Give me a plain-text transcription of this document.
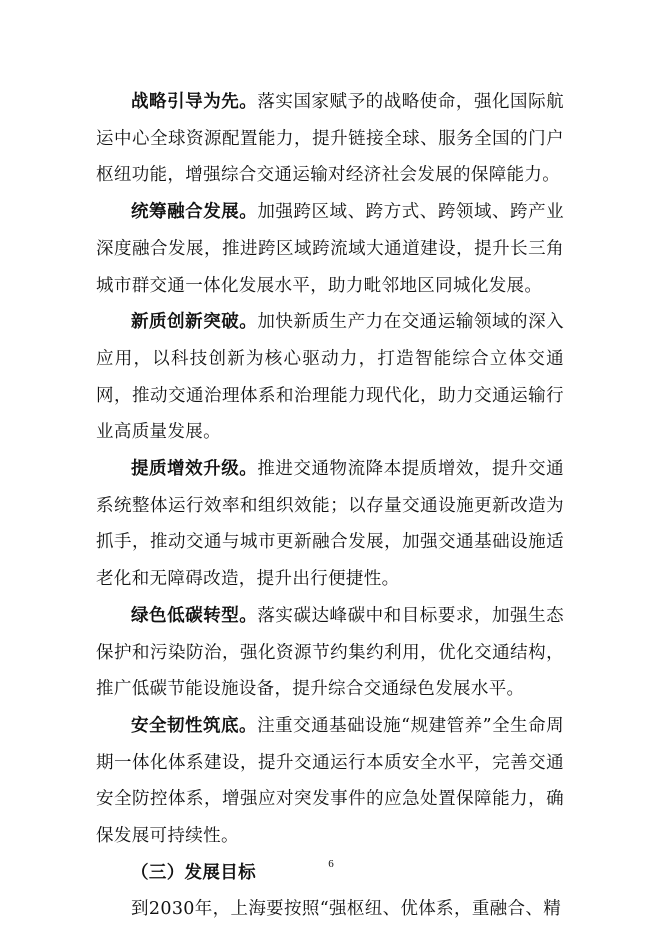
战略引导为先。落实国家赋予的战略使命，强化国际航运中心全球资源配置能力，提升链接全球、服务全国的门户枢纽功能，增强综合交通运输对经济社会发展的保障能力。

统筹融合发展。加强跨区域、跨方式、跨领域、跨产业深度融合发展，推进跨区域跨流域大通道建设，提升长三角城市群交通一体化发展水平，助力毗邻地区同城化发展。

新质创新突破。加快新质生产力在交通运输领域的深入应用，以科技创新为核心驱动力，打造智能综合立体交通网，推动交通治理体系和治理能力现代化，助力交通运输行业高质量发展。

提质增效升级。推进交通物流降本提质增效，提升交通系统整体运行效率和组织效能；以存量交通设施更新改造为抓手，推动交通与城市更新融合发展，加强交通基础设施适老化和无障碍改造，提升出行便捷性。

绿色低碳转型。落实碳达峰碳中和目标要求，加强生态保护和污染防治，强化资源节约集约利用，优化交通结构，推广低碳节能设施设备，提升综合交通绿色发展水平。

安全韧性筑底。注重交通基础设施“规建管养”全生命周期一体化体系建设，提升交通运行本质安全水平，完善交通安全防控体系，增强应对突发事件的应急处置保障能力，确保发展可持续性。

（三）发展目标

到2030年，上海要按照“强枢纽、优体系，重融合、精

6
